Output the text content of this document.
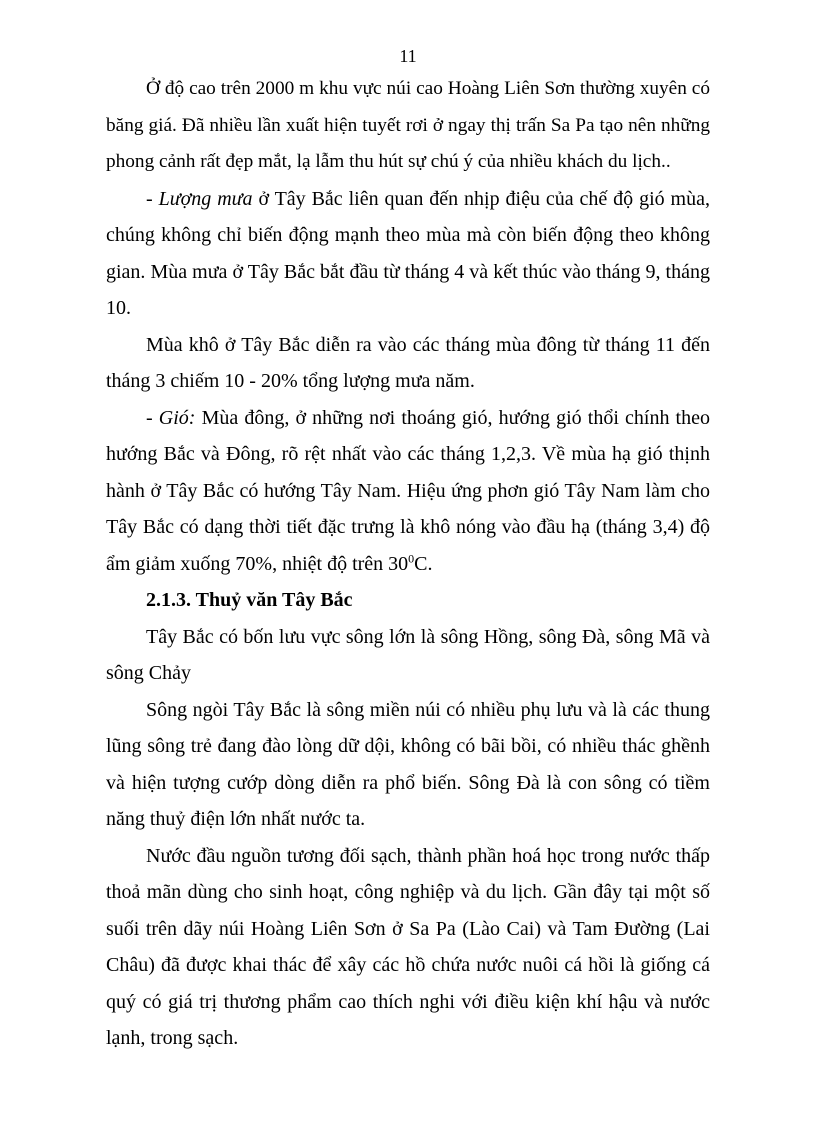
11

Ở độ cao trên 2000 m khu vực núi cao Hoàng Liên Sơn thường xuyên có băng giá. Đã nhiều lần xuất hiện tuyết rơi ở ngay thị trấn Sa Pa tạo nên những phong cảnh rất đẹp mắt, lạ lẫm thu hút sự chú ý của nhiều khách du lịch..

- Lượng mưa ở Tây Bắc liên quan đến nhịp điệu của chế độ gió mùa, chúng không chỉ biến động mạnh theo mùa mà còn biến động theo không gian. Mùa mưa ở Tây Bắc bắt đầu từ tháng 4 và kết thúc vào tháng 9, tháng 10.

Mùa khô ở Tây Bắc diễn ra vào các tháng mùa đông từ tháng 11 đến tháng 3 chiếm 10 - 20% tổng lượng mưa năm.

- Gió: Mùa đông, ở những nơi thoáng gió, hướng gió thổi chính theo hướng Bắc và Đông, rõ rệt nhất vào các tháng 1,2,3. Về mùa hạ gió thịnh hành ở Tây Bắc có hướng Tây Nam. Hiệu ứng phơn gió Tây Nam làm cho Tây Bắc có dạng thời tiết đặc trưng là khô nóng vào đầu hạ (tháng 3,4) độ ẩm giảm xuống 70%, nhiệt độ trên $30^0C$.

2.1.3. Thuỷ văn Tây Bắc

Tây Bắc có bốn lưu vực sông lớn là sông Hồng, sông Đà, sông Mã và sông Chảy

Sông ngòi Tây Bắc là sông miền núi có nhiều phụ lưu và là các thung lũng sông trẻ đang đào lòng dữ dội, không có bãi bồi, có nhiều thác ghềnh và hiện tượng cướp dòng diễn ra phổ biến. Sông Đà là con sông có tiềm năng thuỷ điện lớn nhất nước ta.

Nước đầu nguồn tương đối sạch, thành phần hoá học trong nước thấp thoả mãn dùng cho sinh hoạt, công nghiệp và du lịch. Gần đây tại một số suối trên dãy núi Hoàng Liên Sơn ở Sa Pa (Lào Cai) và Tam Đường (Lai Châu) đã được khai thác để xây các hồ chứa nước nuôi cá hồi là giống cá quý có giá trị thương phẩm cao thích nghi với điều kiện khí hậu và nước lạnh, trong sạch.
